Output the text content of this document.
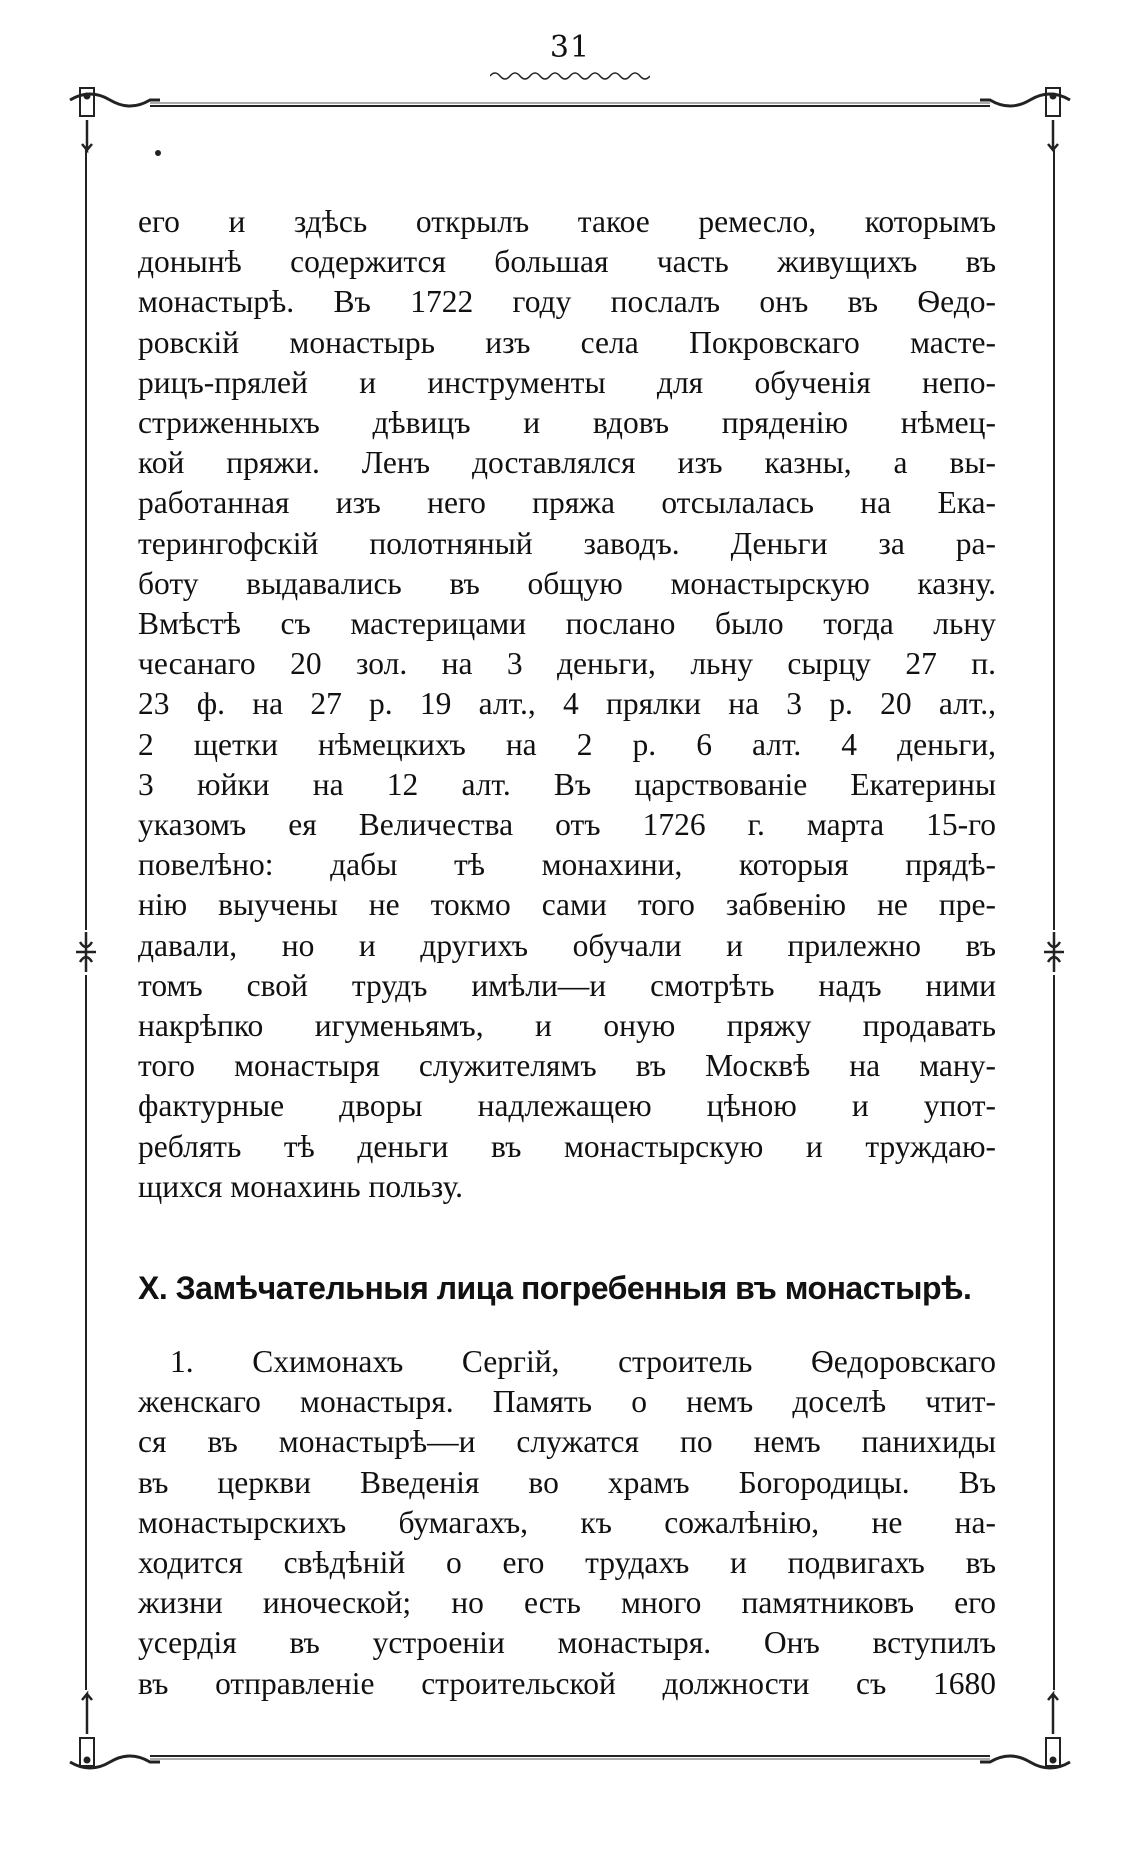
31
его и здѣсь открылъ такое ремесло, которымъ
донынѣ содержится большая часть живущихъ въ
монастырѣ. Въ 1722 году послалъ онъ въ Ѳедо-
ровскій монастырь изъ села Покровскаго масте-
рицъ-прялей и инструменты для обученія непо-
стриженныхъ дѣвицъ и вдовъ пряденію нѣмец-
кой пряжи. Ленъ доставлялся изъ казны, а вы-
работанная изъ него пряжа отсылалась на Ека-
терингофскій полотняный заводъ. Деньги за ра-
боту выдавались въ общую монастырскую казну.
Вмѣстѣ съ мастерицами послано было тогда льну
чесанаго 20 зол. на 3 деньги, льну сырцу 27 п.
23 ф. на 27 р. 19 алт., 4 прялки на 3 р. 20 алт.,
2 щетки нѣмецкихъ на 2 р. 6 алт. 4 деньги,
3 юйки на 12 алт. Въ царствованіе Екатерины
указомъ ея Величества отъ 1726 г. марта 15-го
повелѣно: дабы тѣ монахини, которыя прядѣ-
нію выучены не токмо сами того забвенію не пре-
давали, но и другихъ обучали и прилежно въ
томъ свой трудъ имѣли—и смотрѣть надъ ними
накрѣпко игуменьямъ, и оную пряжу продавать
того монастыря служителямъ въ Москвѣ на ману-
фактурные дворы надлежащею цѣною и упот-
реблять тѣ деньги въ монастырскую и труждаю-
щихся монахинь пользу.
X. Замѣчательныя лица погребенныя въ монастырѣ.
1. Схимонахъ Сергій, строитель Ѳедоровскаго
женскаго монастыря. Память о немъ доселѣ чтит-
ся въ монастырѣ—и служатся по немъ панихиды
въ церкви Введенія во храмъ Богородицы. Въ
монастырскихъ бумагахъ, къ сожалѣнію, не на-
ходится свѣдѣній о его трудахъ и подвигахъ въ
жизни иноческой; но есть много памятниковъ его
усердія въ устроеніи монастыря. Онъ вступилъ
въ отправленіе строительской должности съ 1680
